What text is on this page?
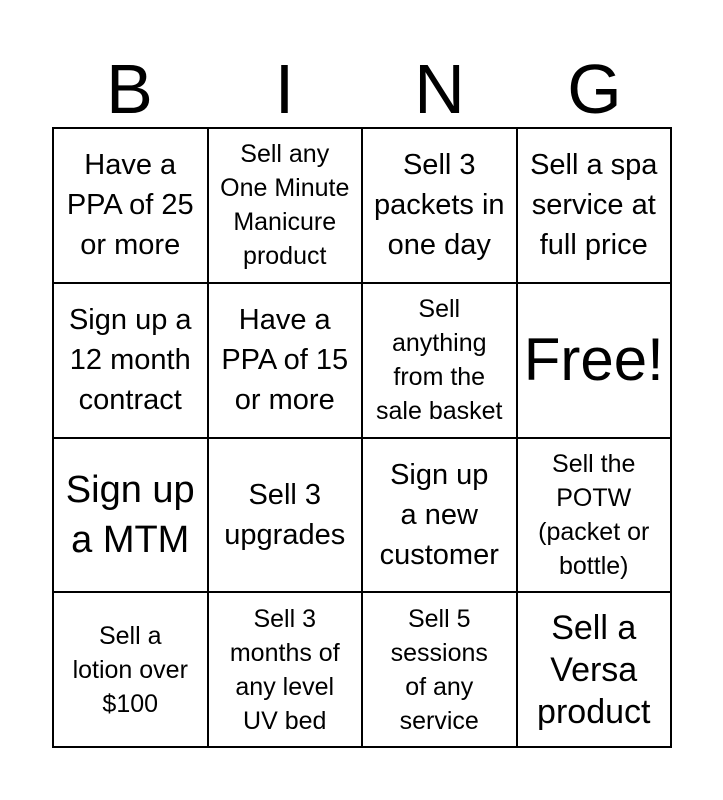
B	I	N	G
Have a
PPA of 25
or more
Sell any
One Minute
Manicure
product
Sell 3
packets in
one day
Sell a spa
service at
full price
Sign up a
12 month
contract
Have a
PPA of 15
or more
Sell
anything
from the
sale basket
Free!
Sign up
a MTM
Sell 3
upgrades
Sign up
a new
customer
Sell the
POTW
(packet or
bottle)
Sell a
lotion over
$100
Sell 3
months of
any level
UV bed
Sell 5
sessions
of any
service
Sell a
Versa
product
